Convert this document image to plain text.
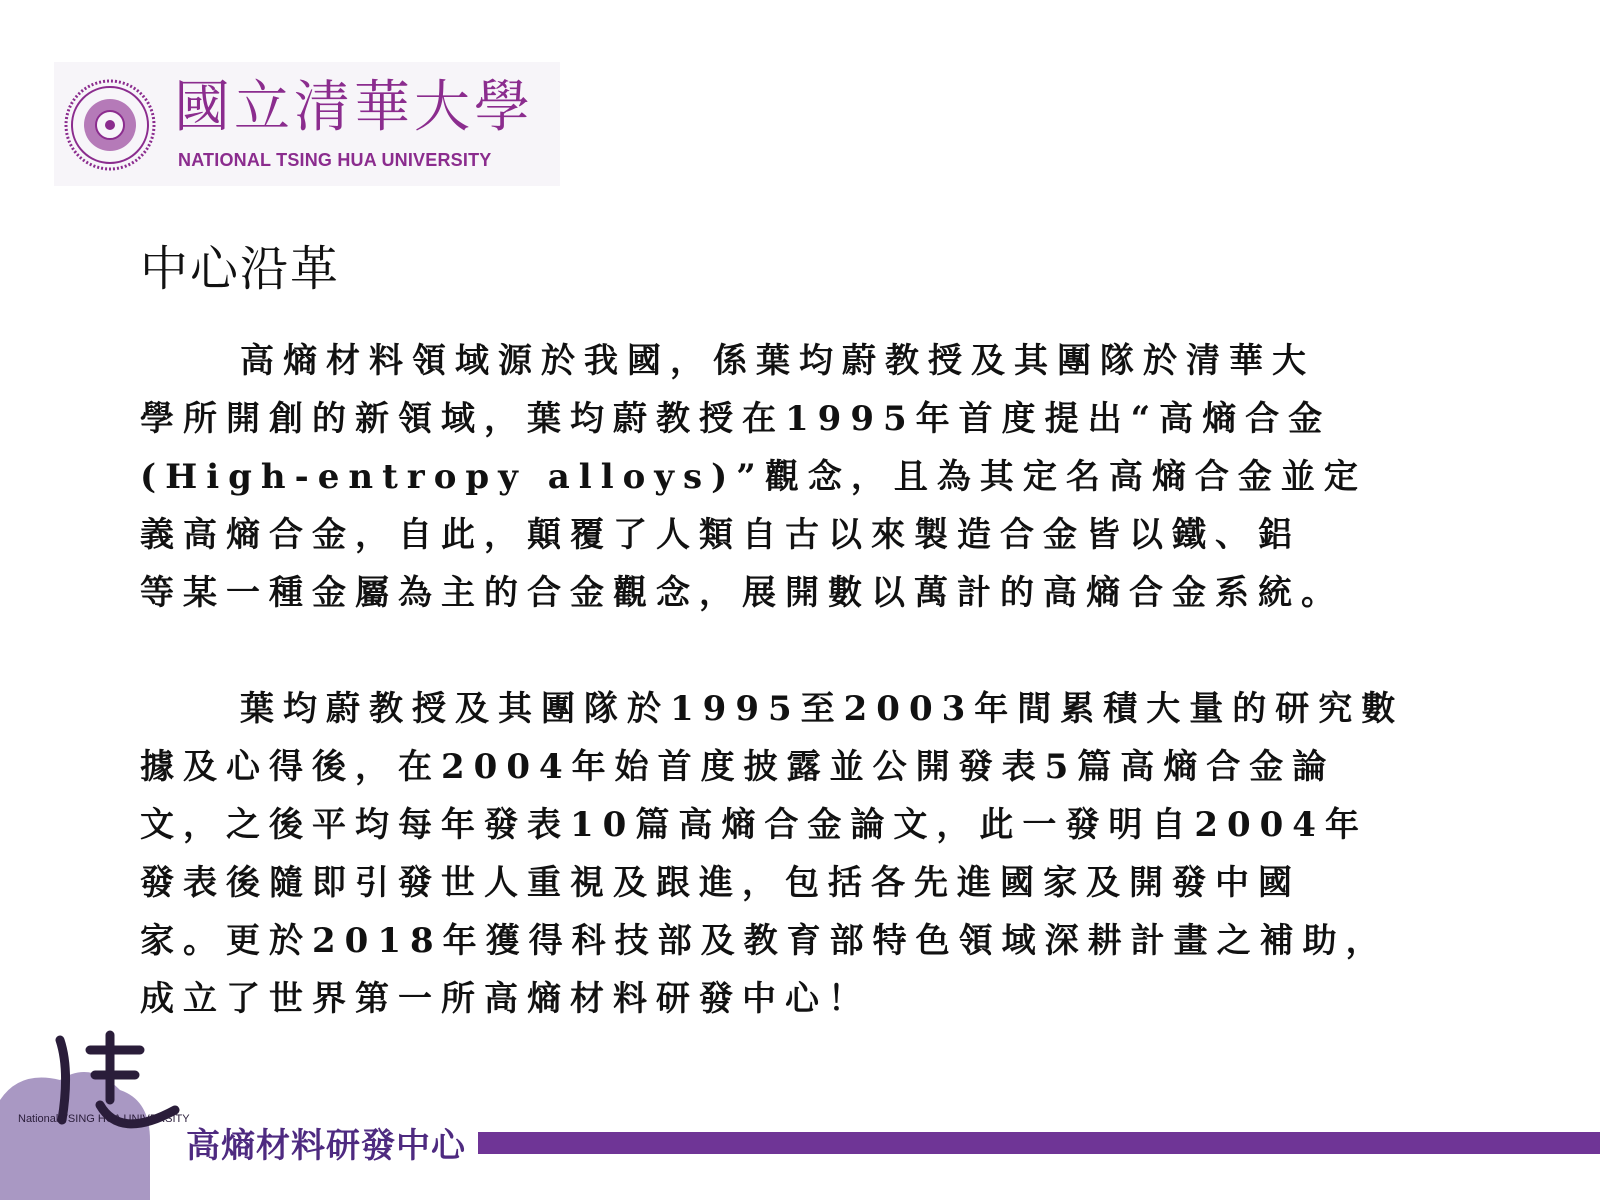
國立清華大學
NATIONAL TSING HUA UNIVERSITY
中心沿革
高熵材料領域源於我國，係葉均蔚教授及其團隊於清華大
學所開創的新領域，葉均蔚教授在1995年首度提出“高熵合金
(High-entropy alloys)”觀念，且為其定名高熵合金並定
義高熵合金，自此，顛覆了人類自古以來製造合金皆以鐵、鋁
等某一種金屬為主的合金觀念，展開數以萬計的高熵合金系統。
葉均蔚教授及其團隊於1995至2003年間累積大量的研究數
據及心得後，在2004年始首度披露並公開發表5篇高熵合金論
文，之後平均每年發表10篇高熵合金論文，此一發明自2004年
發表後隨即引發世人重視及跟進，包括各先進國家及開發中國
家。更於2018年獲得科技部及教育部特色領域深耕計畫之補助，
成立了世界第一所高熵材料研發中心！
National TSING HUA UNIVERSITY
高熵材料研發中心
